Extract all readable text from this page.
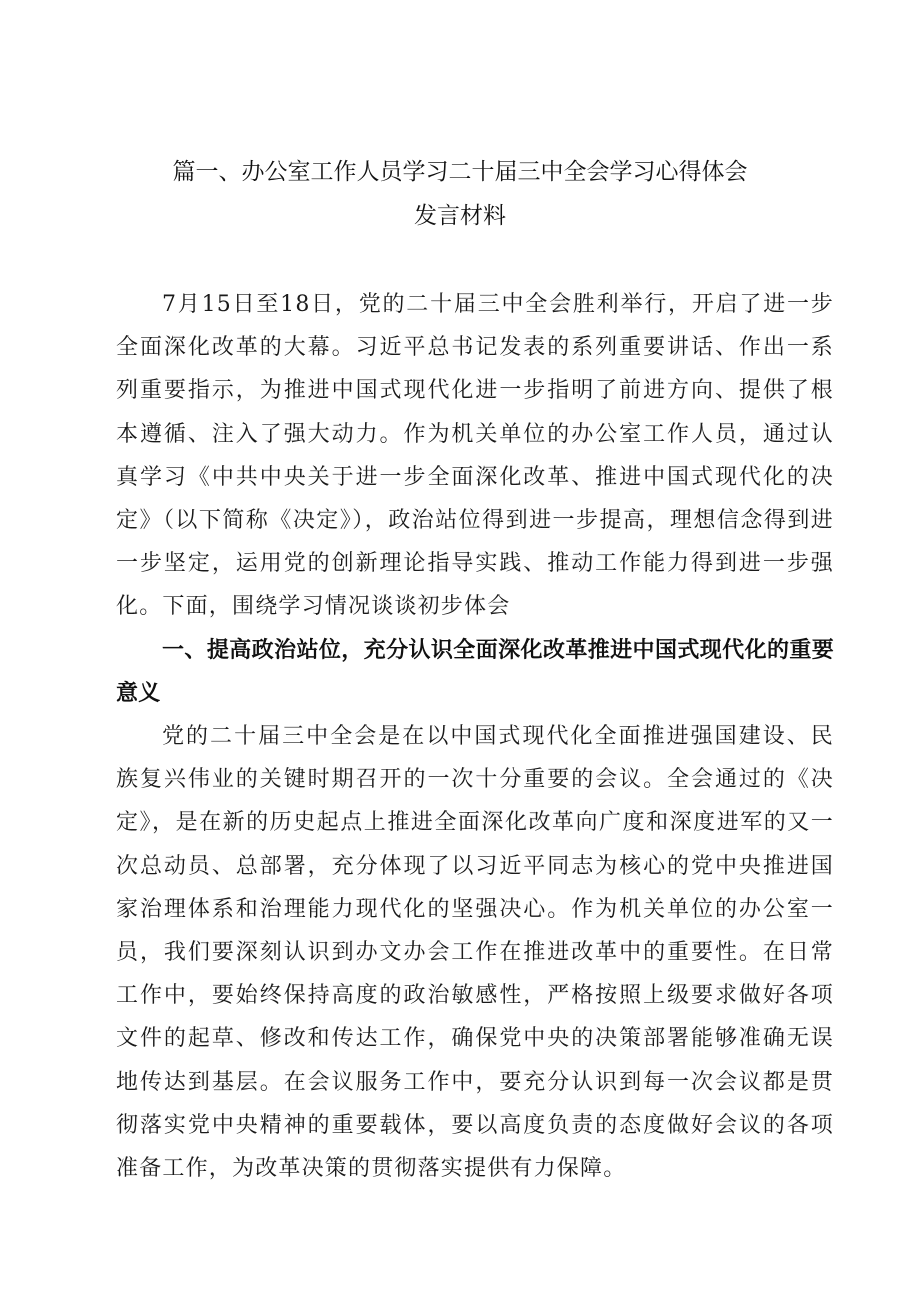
篇一、办公室工作人员学习二十届三中全会学习心得体会
发言材料

7月15日至18日，党的二十届三中全会胜利举行，开启了进一步全面深化改革的大幕。习近平总书记发表的系列重要讲话、作出一系列重要指示，为推进中国式现代化进一步指明了前进方向、提供了根本遵循、注入了强大动力。作为机关单位的办公室工作人员，通过认真学习《中共中央关于进一步全面深化改革、推进中国式现代化的决定》（以下简称《决定》），政治站位得到进一步提高，理想信念得到进一步坚定，运用党的创新理论指导实践、推动工作能力得到进一步强化。下面，围绕学习情况谈谈初步体会

一、提高政治站位，充分认识全面深化改革推进中国式现代化的重要意义

党的二十届三中全会是在以中国式现代化全面推进强国建设、民族复兴伟业的关键时期召开的一次十分重要的会议。全会通过的《决定》，是在新的历史起点上推进全面深化改革向广度和深度进军的又一次总动员、总部署，充分体现了以习近平同志为核心的党中央推进国家治理体系和治理能力现代化的坚强决心。作为机关单位的办公室一员，我们要深刻认识到办文办会工作在推进改革中的重要性。在日常工作中，要始终保持高度的政治敏感性，严格按照上级要求做好各项文件的起草、修改和传达工作，确保党中央的决策部署能够准确无误地传达到基层。在会议服务工作中，要充分认识到每一次会议都是贯彻落实党中央精神的重要载体，要以高度负责的态度做好会议的各项准备工作，为改革决策的贯彻落实提供有力保障。
